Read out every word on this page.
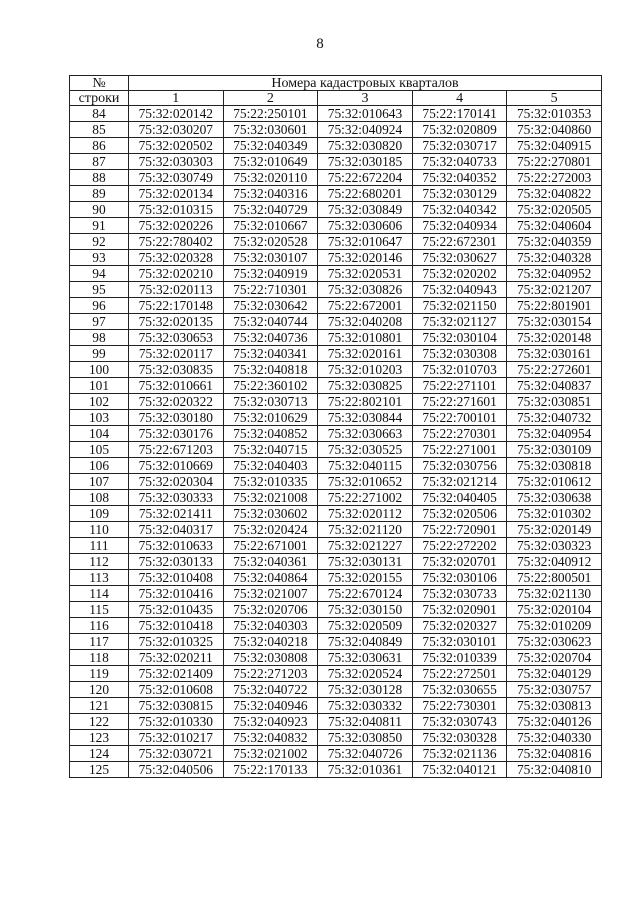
8
№	Номера кадастровых кварталов				
строки	1	2	3	4	5
84	75:32:020142	75:22:250101	75:32:010643	75:22:170141	75:32:010353
85	75:32:030207	75:32:030601	75:32:040924	75:32:020809	75:32:040860
86	75:32:020502	75:32:040349	75:32:030820	75:32:030717	75:32:040915
87	75:32:030303	75:32:010649	75:32:030185	75:32:040733	75:22:270801
88	75:32:030749	75:32:020110	75:22:672204	75:32:040352	75:22:272003
89	75:32:020134	75:32:040316	75:22:680201	75:32:030129	75:32:040822
90	75:32:010315	75:32:040729	75:32:030849	75:32:040342	75:32:020505
91	75:32:020226	75:32:010667	75:32:030606	75:32:040934	75:32:040604
92	75:22:780402	75:32:020528	75:32:010647	75:22:672301	75:32:040359
93	75:32:020328	75:32:030107	75:32:020146	75:32:030627	75:32:040328
94	75:32:020210	75:32:040919	75:32:020531	75:32:020202	75:32:040952
95	75:32:020113	75:22:710301	75:32:030826	75:32:040943	75:32:021207
96	75:22:170148	75:32:030642	75:22:672001	75:32:021150	75:22:801901
97	75:32:020135	75:32:040744	75:32:040208	75:32:021127	75:32:030154
98	75:32:030653	75:32:040736	75:32:010801	75:32:030104	75:32:020148
99	75:32:020117	75:32:040341	75:32:020161	75:32:030308	75:32:030161
100	75:32:030835	75:32:040818	75:32:010203	75:32:010703	75:22:272601
101	75:32:010661	75:22:360102	75:32:030825	75:22:271101	75:32:040837
102	75:32:020322	75:32:030713	75:22:802101	75:22:271601	75:32:030851
103	75:32:030180	75:32:010629	75:32:030844	75:22:700101	75:32:040732
104	75:32:030176	75:32:040852	75:32:030663	75:22:270301	75:32:040954
105	75:22:671203	75:32:040715	75:32:030525	75:22:271001	75:32:030109
106	75:32:010669	75:32:040403	75:32:040115	75:32:030756	75:32:030818
107	75:32:020304	75:32:010335	75:32:010652	75:32:021214	75:32:010612
108	75:32:030333	75:32:021008	75:22:271002	75:32:040405	75:32:030638
109	75:32:021411	75:32:030602	75:32:020112	75:32:020506	75:32:010302
110	75:32:040317	75:32:020424	75:32:021120	75:22:720901	75:32:020149
111	75:32:010633	75:22:671001	75:32:021227	75:22:272202	75:32:030323
112	75:32:030133	75:32:040361	75:32:030131	75:32:020701	75:32:040912
113	75:32:010408	75:32:040864	75:32:020155	75:32:030106	75:22:800501
114	75:32:010416	75:32:021007	75:22:670124	75:32:030733	75:32:021130
115	75:32:010435	75:32:020706	75:32:030150	75:32:020901	75:32:020104
116	75:32:010418	75:32:040303	75:32:020509	75:32:020327	75:32:010209
117	75:32:010325	75:32:040218	75:32:040849	75:32:030101	75:32:030623
118	75:32:020211	75:32:030808	75:32:030631	75:32:010339	75:32:020704
119	75:32:021409	75:22:271203	75:32:020524	75:22:272501	75:32:040129
120	75:32:010608	75:32:040722	75:32:030128	75:32:030655	75:32:030757
121	75:32:030815	75:32:040946	75:32:030332	75:22:730301	75:32:030813
122	75:32:010330	75:32:040923	75:32:040811	75:32:030743	75:32:040126
123	75:32:010217	75:32:040832	75:32:030850	75:32:030328	75:32:040330
124	75:32:030721	75:32:021002	75:32:040726	75:32:021136	75:32:040816
125	75:32:040506	75:22:170133	75:32:010361	75:32:040121	75:32:040810
